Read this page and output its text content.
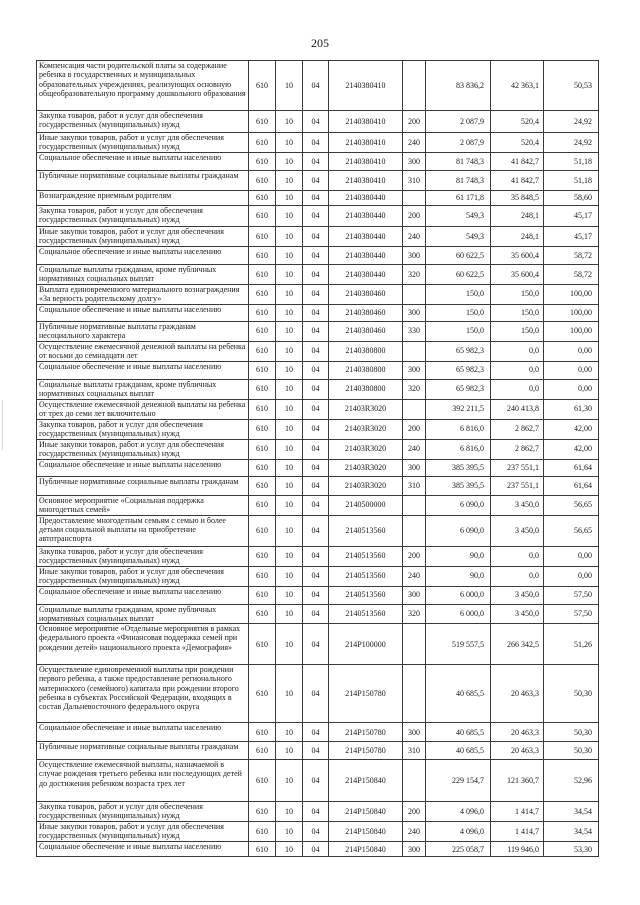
205
Компенсация части родительской платы за содержание ребенка в государственных и муниципальных образовательных учреждениях, реализующих основную общеобразовательную программу дошкольного образования	610	10	04	2140380410		83 836,2	42 363,1	50,53
Закупка товаров, работ и услуг для обеспечения государственных (муниципальных) нужд	610	10	04	2140380410	200	2 087,9	520,4	24,92
Иные закупки товаров, работ и услуг для обеспечения государственных (муниципальных) нужд	610	10	04	2140380410	240	2 087,9	520,4	24,92
Социальное обеспечение и иные выплаты населению	610	10	04	2140380410	300	81 748,3	41 842,7	51,18
Публичные нормативные социальные выплаты гражданам	610	10	04	2140380410	310	81 748,3	41 842,7	51,18
Вознаграждение приемным родителям	610	10	04	2140380440		61 171,8	35 848,5	58,60
Закупка товаров, работ и услуг для обеспечения государственных (муниципальных) нужд	610	10	04	2140380440	200	549,3	248,1	45,17
Иные закупки товаров, работ и услуг для обеспечения государственных (муниципальных) нужд	610	10	04	2140380440	240	549,3	248,1	45,17
Социальное обеспечение и иные выплаты населению	610	10	04	2140380440	300	60 622,5	35 600,4	58,72
Социальные выплаты гражданам, кроме публичных нормативных социальных выплат	610	10	04	2140380440	320	60 622,5	35 600,4	58,72
Выплата единовременного материального вознаграждения «За верность родительскому долгу»	610	10	04	2140380460		150,0	150,0	100,00
Социальное обеспечение и иные выплаты населению	610	10	04	2140380460	300	150,0	150,0	100,00
Публичные нормативные выплаты гражданам несоциального характера	610	10	04	2140380460	330	150,0	150,0	100,00
Осуществление ежемесячной денежной выплаты на ребенка от восьми до семнадцати лет	610	10	04	2140380800		65 982,3	0,0	0,00
Социальное обеспечение и иные выплаты населению	610	10	04	2140380800	300	65 982,3	0,0	0,00
Социальные выплаты гражданам, кроме публичных нормативных социальных выплат	610	10	04	2140380800	320	65 982,3	0,0	0,00
Осуществление ежемесячной денежной выплаты на ребенка от трех до семи лет включительно	610	10	04	21403R3020		392 211,5	240 413,8	61,30
Закупка товаров, работ и услуг для обеспечения государственных (муниципальных) нужд	610	10	04	21403R3020	200	6 816,0	2 862,7	42,00
Иные закупки товаров, работ и услуг для обеспечения государственных (муниципальных) нужд	610	10	04	21403R3020	240	6 816,0	2 862,7	42,00
Социальное обеспечение и иные выплаты населению	610	10	04	21403R3020	300	385 395,5	237 551,1	61,64
Публичные нормативные социальные выплаты гражданам	610	10	04	21403R3020	310	385 395,5	237 551,1	61,64
Основное мероприятие «Социальная поддержка многодетных семей»	610	10	04	2140500000		6 090,0	3 450,0	56,65
Предоставление многодетным семьям с семью и более детьми социальной выплаты на приобретение автотранспорта	610	10	04	2140513560		6 090,0	3 450,0	56,65
Закупка товаров, работ и услуг для обеспечения государственных (муниципальных) нужд	610	10	04	2140513560	200	90,0	0,0	0,00
Иные закупки товаров, работ и услуг для обеспечения государственных (муниципальных) нужд	610	10	04	2140513560	240	90,0	0,0	0,00
Социальное обеспечение и иные выплаты населению	610	10	04	2140513560	300	6 000,0	3 450,0	57,50
Социальные выплаты гражданам, кроме публичных нормативных социальных выплат	610	10	04	2140513560	320	6 000,0	3 450,0	57,50
Основное мероприятие «Отдельные мероприятия в рамках федерального проекта «Финансовая поддержка семей при рождении детей» национального проекта «Демография»	610	10	04	214P100000		519 557,5	266 342,5	51,26
Осуществление единовременной выплаты при рождении первого ребенка, а также предоставление регионального материнского (семейного) капитала при рождении второго ребенка в субъектах Российской Федерации, входящих в состав Дальневосточного федерального округа	610	10	04	214P150780		40 685,5	20 463,3	50,30
Социальное обеспечение и иные выплаты населению	610	10	04	214P150780	300	40 685,5	20 463,3	50,30
Публичные нормативные социальные выплаты гражданам	610	10	04	214P150780	310	40 685,5	20 463,3	50,30
Осуществление ежемесячной выплаты, назначаемой в случае рождения третьего ребенка или последующих детей до достижения ребенком возраста трех лет	610	10	04	214P150840		229 154,7	121 360,7	52,96
Закупка товаров, работ и услуг для обеспечения государственных (муниципальных) нужд	610	10	04	214P150840	200	4 096,0	1 414,7	34,54
Иные закупки товаров, работ и услуг для обеспечения государственных (муниципальных) нужд	610	10	04	214P150840	240	4 096,0	1 414,7	34,54
Социальное обеспечение и иные выплаты населению	610	10	04	214P150840	300	225 058,7	119 946,0	53,30
